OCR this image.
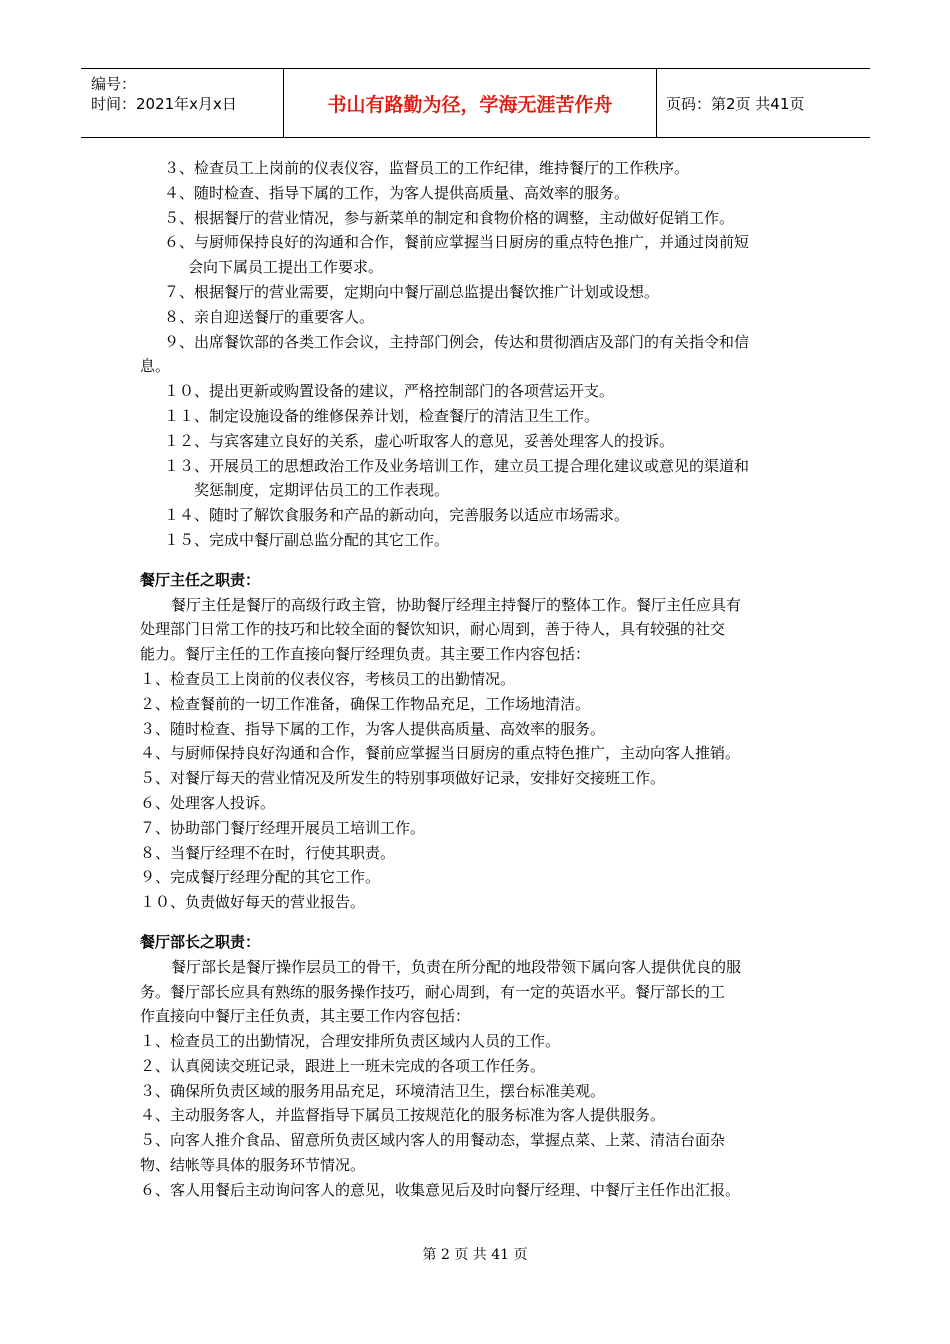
编号：
时间：2021年x月x日	书山有路勤为径，学海无涯苦作舟	页码：第2页 共41页
３、检查员工上岗前的仪表仪容，监督员工的工作纪律，维持餐厅的工作秩序。
４、随时检查、指导下属的工作，为客人提供高质量、高效率的服务。
５、根据餐厅的营业情况，参与新菜单的制定和食物价格的调整，主动做好促销工作。
６、与厨师保持良好的沟通和合作，餐前应掌握当日厨房的重点特色推广，并通过岗前短
会向下属员工提出工作要求。
７、根据餐厅的营业需要，定期向中餐厅副总监提出餐饮推广计划或设想。
８、亲自迎送餐厅的重要客人。
９、出席餐饮部的各类工作会议，主持部门例会，传达和贯彻酒店及部门的有关指令和信
息。
１０、提出更新或购置设备的建议，严格控制部门的各项营运开支。
１１、制定设施设备的维修保养计划，检查餐厅的清洁卫生工作。
１２、与宾客建立良好的关系，虚心听取客人的意见，妥善处理客人的投诉。
１３、开展员工的思想政治工作及业务培训工作，建立员工提合理化建议或意见的渠道和
奖惩制度，定期评估员工的工作表现。
１４、随时了解饮食服务和产品的新动向，完善服务以适应市场需求。
１５、完成中餐厅副总监分配的其它工作。
餐厅主任之职责：
餐厅主任是餐厅的高级行政主管，协助餐厅经理主持餐厅的整体工作。餐厅主任应具有
处理部门日常工作的技巧和比较全面的餐饮知识，耐心周到，善于待人，具有较强的社交
能力。餐厅主任的工作直接向餐厅经理负责。其主要工作内容包括：
１、检查员工上岗前的仪表仪容，考核员工的出勤情况。
２、检查餐前的一切工作准备，确保工作物品充足，工作场地清洁。
３、随时检查、指导下属的工作，为客人提供高质量、高效率的服务。
４、与厨师保持良好沟通和合作，餐前应掌握当日厨房的重点特色推广，主动向客人推销。
５、对餐厅每天的营业情况及所发生的特别事项做好记录，安排好交接班工作。
６、处理客人投诉。
７、协助部门餐厅经理开展员工培训工作。
８、当餐厅经理不在时，行使其职责。
９、完成餐厅经理分配的其它工作。
１０、负责做好每天的营业报告。
餐厅部长之职责：
餐厅部长是餐厅操作层员工的骨干，负责在所分配的地段带领下属向客人提供优良的服
务。餐厅部长应具有熟练的服务操作技巧，耐心周到，有一定的英语水平。餐厅部长的工
作直接向中餐厅主任负责，其主要工作内容包括：
１、检查员工的出勤情况，合理安排所负责区域内人员的工作。
２、认真阅读交班记录，跟进上一班未完成的各项工作任务。
３、确保所负责区域的服务用品充足，环境清洁卫生，摆台标准美观。
４、主动服务客人，并监督指导下属员工按规范化的服务标准为客人提供服务。
５、向客人推介食品、留意所负责区域内客人的用餐动态，掌握点菜、上菜、清洁台面杂
物、结帐等具体的服务环节情况。
６、客人用餐后主动询问客人的意见，收集意见后及时向餐厅经理、中餐厅主任作出汇报。
第 2 页 共 41 页
